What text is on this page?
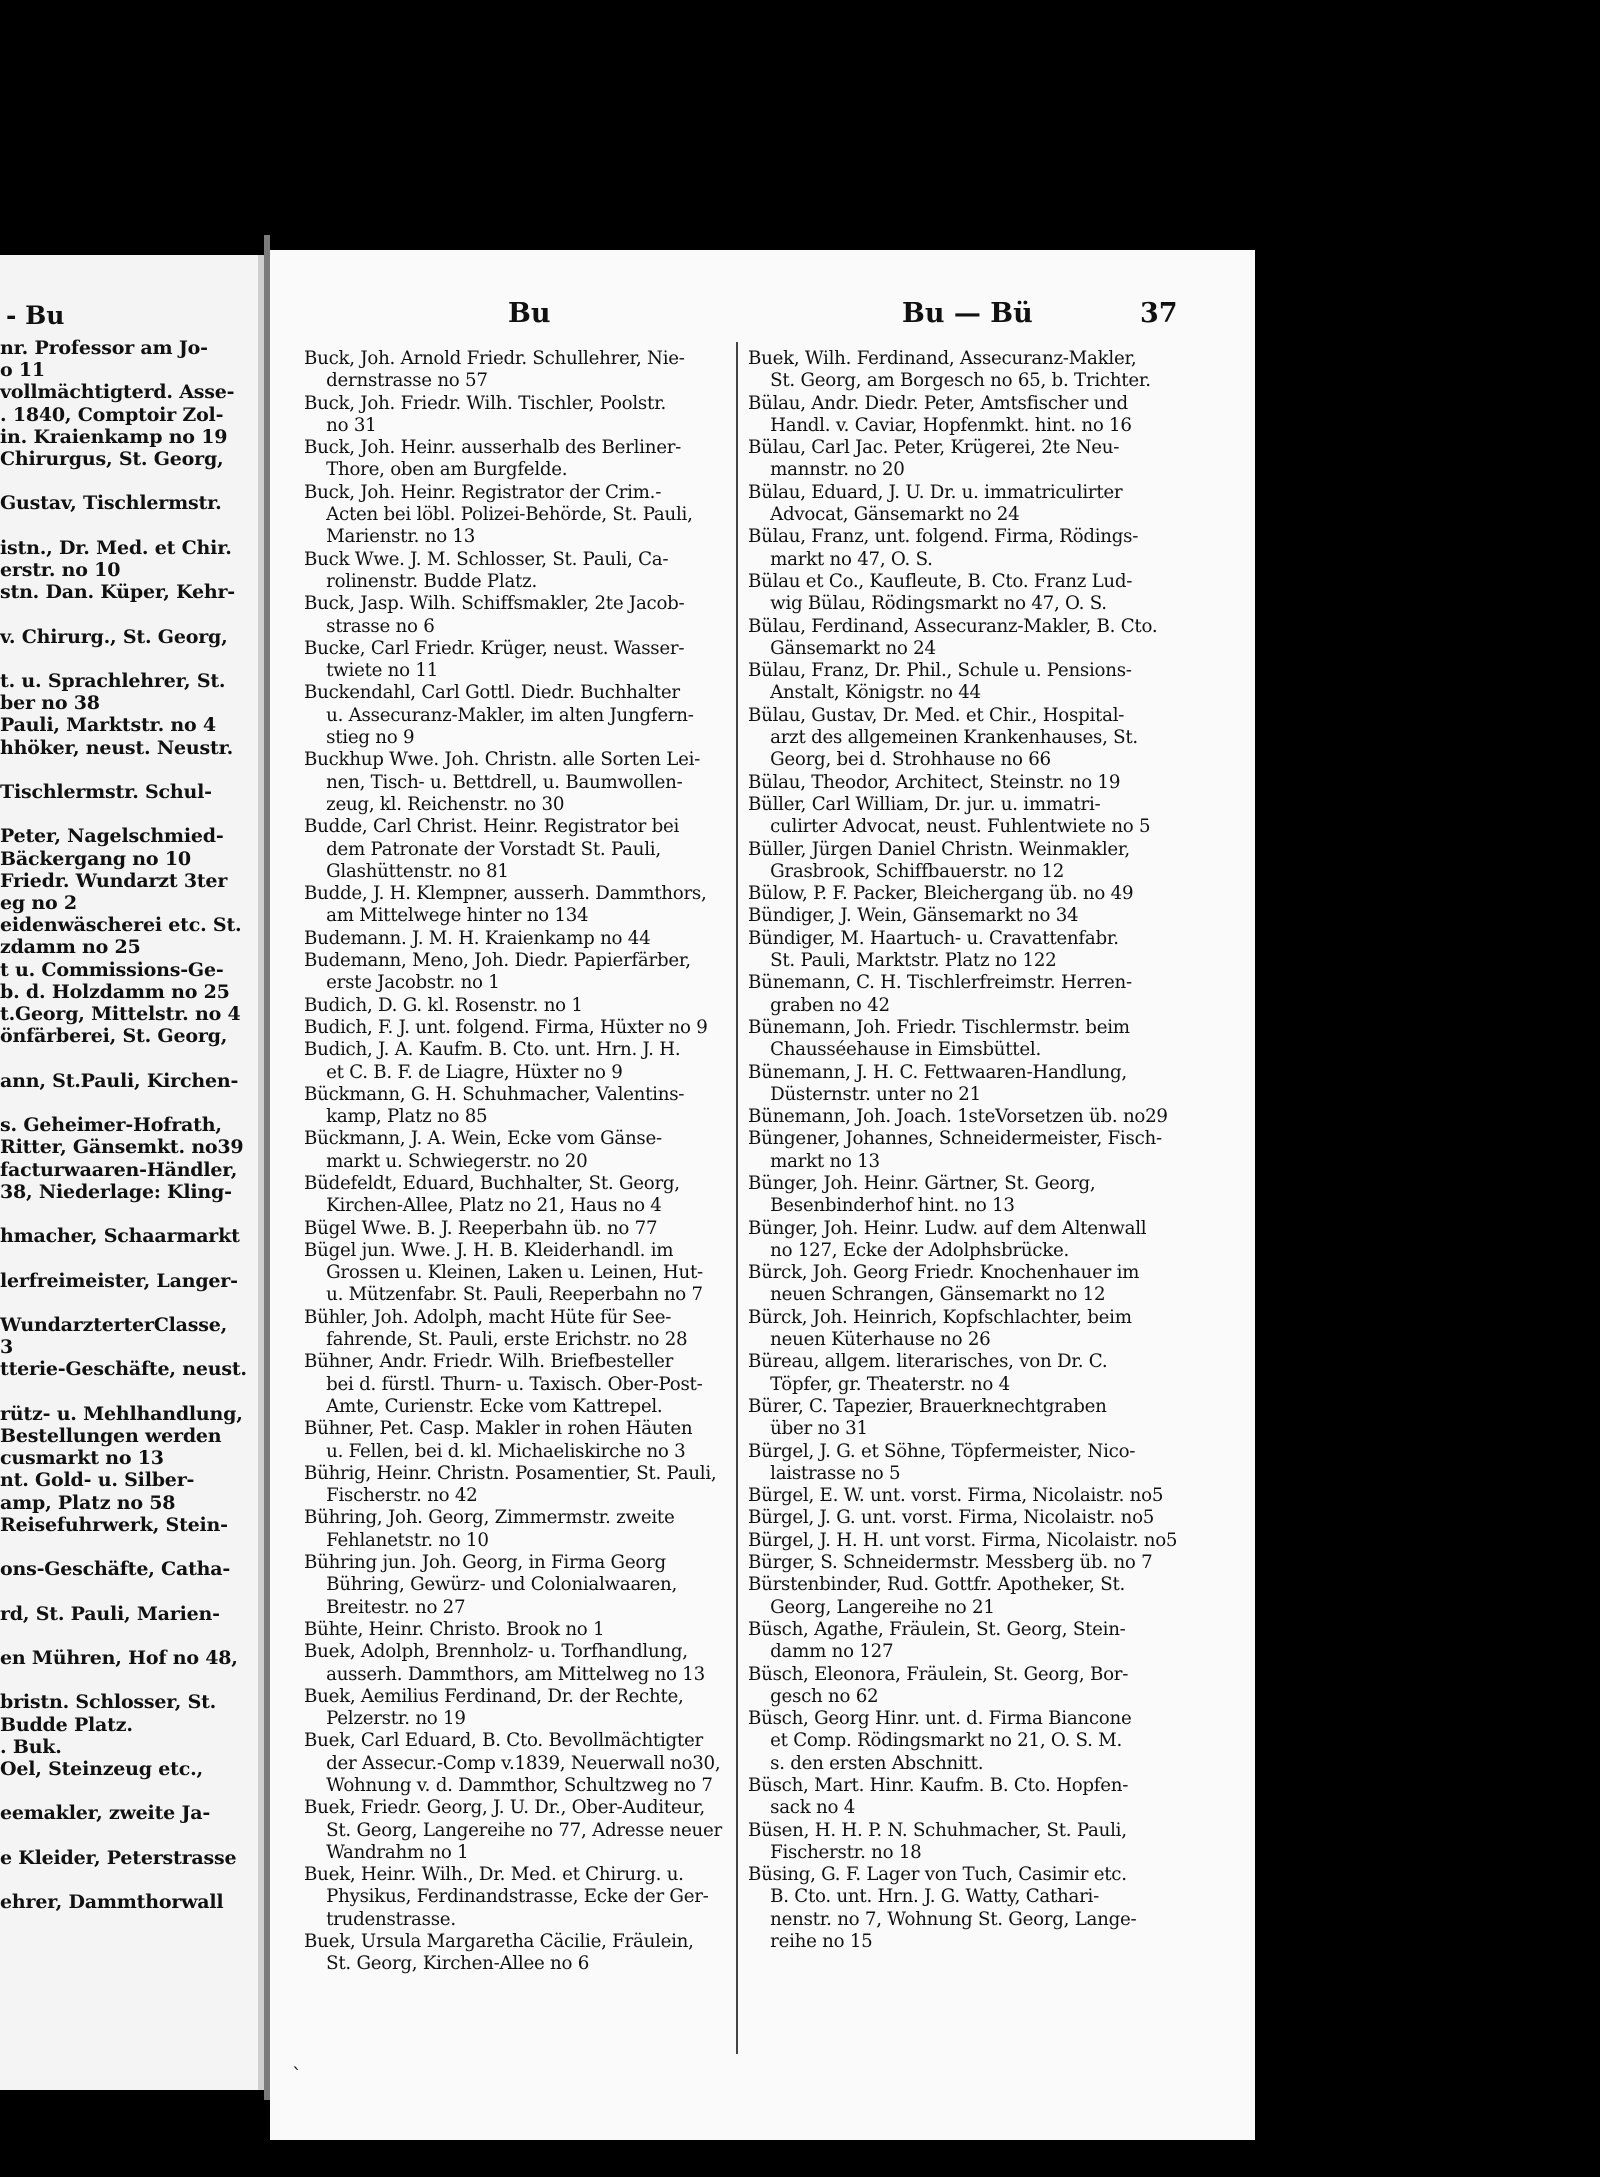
- Bu
nr. Professor am Jo-
o 11
vollmächtigterd. Asse-
. 1840, Comptoir Zol-
in. Kraienkamp no 19
Chirurgus, St. Georg,

Gustav, Tischlermstr.

istn., Dr. Med. et Chir.
erstr. no 10
stn. Dan. Küper, Kehr-

v. Chirurg., St. Georg,

t. u. Sprachlehrer, St.
ber no 38
Pauli, Marktstr. no 4
hhöker, neust. Neustr.

Tischlermstr. Schul-

Peter, Nagelschmied-
Bäckergang no 10
Friedr. Wundarzt 3ter
eg no 2
eidenwäscherei etc. St.
zdamm no 25
t u. Commissions-Ge-
b. d. Holzdamm no 25
t.Georg, Mittelstr. no 4
önfärberei, St. Georg,

ann, St.Pauli, Kirchen-

s. Geheimer-Hofrath,
Ritter, Gänsemkt. no39
facturwaaren-Händler,
38, Niederlage: Kling-

hmacher, Schaarmarkt

lerfreimeister, Langer-

WundarzterterClasse,
3
tterie-Geschäfte, neust.

rütz- u. Mehlhandlung,
Bestellungen werden
cusmarkt no 13
nt. Gold- u. Silber-
amp, Platz no 58
Reisefuhrwerk, Stein-

ons-Geschäfte, Catha-

rd, St. Pauli, Marien-

en Mühren, Hof no 48,

bristn. Schlosser, St.
Budde Platz.
. Buk.
Oel, Steinzeug etc.,

eemakler, zweite Ja-

e Kleider, Peterstrasse

ehrer, Dammthorwall
Bu	Bu — Bü	37
Buck, Joh. Arnold Friedr. Schullehrer, Nie-
dernstrasse no 57
Buck, Joh. Friedr. Wilh. Tischler, Poolstr.
no 31
Buck, Joh. Heinr. ausserhalb des Berliner-
Thore, oben am Burgfelde.
Buck, Joh. Heinr. Registrator der Crim.-
Acten bei löbl. Polizei-Behörde, St. Pauli,
Marienstr. no 13
Buck Wwe. J. M. Schlosser, St. Pauli, Ca-
rolinenstr. Budde Platz.
Buck, Jasp. Wilh. Schiffsmakler, 2te Jacob-
strasse no 6
Bucke, Carl Friedr. Krüger, neust. Wasser-
twiete no 11
Buckendahl, Carl Gottl. Diedr. Buchhalter
u. Assecuranz-Makler, im alten Jungfern-
stieg no 9
Buckhup Wwe. Joh. Christn. alle Sorten Lei-
nen, Tisch- u. Bettdrell, u. Baumwollen-
zeug, kl. Reichenstr. no 30
Budde, Carl Christ. Heinr. Registrator bei
dem Patronate der Vorstadt St. Pauli,
Glashüttenstr. no 81
Budde, J. H. Klempner, ausserh. Dammthors,
am Mittelwege hinter no 134
Budemann. J. M. H. Kraienkamp no 44
Budemann, Meno, Joh. Diedr. Papierfärber,
erste Jacobstr. no 1
Budich, D. G. kl. Rosenstr. no 1
Budich, F. J. unt. folgend. Firma, Hüxter no 9
Budich, J. A. Kaufm. B. Cto. unt. Hrn. J. H.
et C. B. F. de Liagre, Hüxter no 9
Bückmann, G. H. Schuhmacher, Valentins-
kamp, Platz no 85
Bückmann, J. A. Wein, Ecke vom Gänse-
markt u. Schwiegerstr. no 20
Büdefeldt, Eduard, Buchhalter, St. Georg,
Kirchen-Allee, Platz no 21, Haus no 4
Bügel Wwe. B. J. Reeperbahn üb. no 77
Bügel jun. Wwe. J. H. B. Kleiderhandl. im
Grossen u. Kleinen, Laken u. Leinen, Hut-
u. Mützenfabr. St. Pauli, Reeperbahn no 7
Bühler, Joh. Adolph, macht Hüte für See-
fahrende, St. Pauli, erste Erichstr. no 28
Bühner, Andr. Friedr. Wilh. Briefbesteller
bei d. fürstl. Thurn- u. Taxisch. Ober-Post-
Amte, Curienstr. Ecke vom Kattrepel.
Bühner, Pet. Casp. Makler in rohen Häuten
u. Fellen, bei d. kl. Michaeliskirche no 3
Bührig, Heinr. Christn. Posamentier, St. Pauli,
Fischerstr. no 42
Bühring, Joh. Georg, Zimmermstr. zweite
Fehlanetstr. no 10
Bühring jun. Joh. Georg, in Firma Georg
Bühring, Gewürz- und Colonialwaaren,
Breitestr. no 27
Bühte, Heinr. Christo. Brook no 1
Buek, Adolph, Brennholz- u. Torfhandlung,
ausserh. Dammthors, am Mittelweg no 13
Buek, Aemilius Ferdinand, Dr. der Rechte,
Pelzerstr. no 19
Buek, Carl Eduard, B. Cto. Bevollmächtigter
der Assecur.-Comp v.1839, Neuerwall no30,
Wohnung v. d. Dammthor, Schultzweg no 7
Buek, Friedr. Georg, J. U. Dr., Ober-Auditeur,
St. Georg, Langereihe no 77, Adresse neuer
Wandrahm no 1
Buek, Heinr. Wilh., Dr. Med. et Chirurg. u.
Physikus, Ferdinandstrasse, Ecke der Ger-
trudenstrasse.
Buek, Ursula Margaretha Cäcilie, Fräulein,
St. Georg, Kirchen-Allee no 6
Buek, Wilh. Ferdinand, Assecuranz-Makler,
St. Georg, am Borgesch no 65, b. Trichter.
Bülau, Andr. Diedr. Peter, Amtsfischer und
Handl. v. Caviar, Hopfenmkt. hint. no 16
Bülau, Carl Jac. Peter, Krügerei, 2te Neu-
mannstr. no 20
Bülau, Eduard, J. U. Dr. u. immatriculirter
Advocat, Gänsemarkt no 24
Bülau, Franz, unt. folgend. Firma, Rödings-
markt no 47, O. S.
Bülau et Co., Kaufleute, B. Cto. Franz Lud-
wig Bülau, Rödingsmarkt no 47, O. S.
Bülau, Ferdinand, Assecuranz-Makler, B. Cto.
Gänsemarkt no 24
Bülau, Franz, Dr. Phil., Schule u. Pensions-
Anstalt, Königstr. no 44
Bülau, Gustav, Dr. Med. et Chir., Hospital-
arzt des allgemeinen Krankenhauses, St.
Georg, bei d. Strohhause no 66
Bülau, Theodor, Architect, Steinstr. no 19
Büller, Carl William, Dr. jur. u. immatri-
culirter Advocat, neust. Fuhlentwiete no 5
Büller, Jürgen Daniel Christn. Weinmakler,
Grasbrook, Schiffbauerstr. no 12
Bülow, P. F. Packer, Bleichergang üb. no 49
Bündiger, J. Wein, Gänsemarkt no 34
Bündiger, M. Haartuch- u. Cravattenfabr.
St. Pauli, Marktstr. Platz no 122
Bünemann, C. H. Tischlerfreimstr. Herren-
graben no 42
Bünemann, Joh. Friedr. Tischlermstr. beim
Chausséehause in Eimsbüttel.
Bünemann, J. H. C. Fettwaaren-Handlung,
Düsternstr. unter no 21
Bünemann, Joh. Joach. 1steVorsetzen üb. no29
Büngener, Johannes, Schneidermeister, Fisch-
markt no 13
Bünger, Joh. Heinr. Gärtner, St. Georg,
Besenbinderhof hint. no 13
Bünger, Joh. Heinr. Ludw. auf dem Altenwall
no 127, Ecke der Adolphsbrücke.
Bürck, Joh. Georg Friedr. Knochenhauer im
neuen Schrangen, Gänsemarkt no 12
Bürck, Joh. Heinrich, Kopfschlachter, beim
neuen Küterhause no 26
Büreau, allgem. literarisches, von Dr. C.
Töpfer, gr. Theaterstr. no 4
Bürer, C. Tapezier, Brauerknechtgraben
über no 31
Bürgel, J. G. et Söhne, Töpfermeister, Nico-
laistrasse no 5
Bürgel, E. W. unt. vorst. Firma, Nicolaistr. no5
Bürgel, J. G. unt. vorst. Firma, Nicolaistr. no5
Bürgel, J. H. H. unt vorst. Firma, Nicolaistr. no5
Bürger, S. Schneidermstr. Messberg üb. no 7
Bürstenbinder, Rud. Gottfr. Apotheker, St.
Georg, Langereihe no 21
Büsch, Agathe, Fräulein, St. Georg, Stein-
damm no 127
Büsch, Eleonora, Fräulein, St. Georg, Bor-
gesch no 62
Büsch, Georg Hinr. unt. d. Firma Biancone
et Comp. Rödingsmarkt no 21, O. S. M.
s. den ersten Abschnitt.
Büsch, Mart. Hinr. Kaufm. B. Cto. Hopfen-
sack no 4
Büsen, H. H. P. N. Schuhmacher, St. Pauli,
Fischerstr. no 18
Büsing, G. F. Lager von Tuch, Casimir etc.
B. Cto. unt. Hrn. J. G. Watty, Cathari-
nenstr. no 7, Wohnung St. Georg, Lange-
reihe no 15
`
